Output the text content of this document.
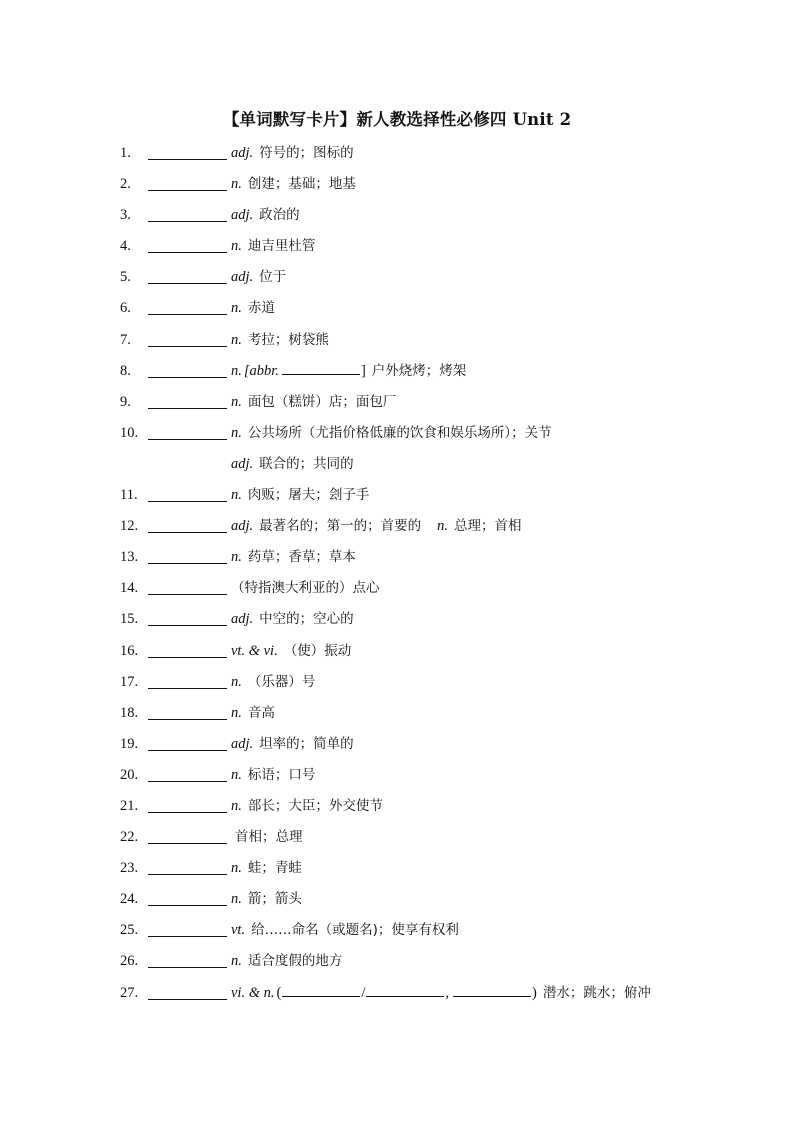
【单词默写卡片】新人教选择性必修四 Unit 2
1.	adj. 符号的；图标的
2.	n. 创建；基础；地基
3.	adj. 政治的
4.	n. 迪吉里杜管
5.	adj. 位于
6.	n. 赤道
7.	n. 考拉；树袋熊
8.	n. [abbr.	] 户外烧烤；烤架
9.	n. 面包（糕饼）店；面包厂
10.	n. 公共场所（尤指价格低廉的饮食和娱乐场所）；关节
adj. 联合的；共同的
11.	n. 肉贩；屠夫；刽子手
12.	adj. 最著名的；第一的；首要的 n. 总理；首相
13.	n. 药草；香草；草本
14.	（特指澳大利亚的）点心
15.	adj. 中空的；空心的
16.	vt. & vi. （使）振动
17.	n. （乐器）号
18.	n. 音高
19.	adj. 坦率的；简单的
20.	n. 标语；口号
21.	n. 部长；大臣；外交使节
22.	首相；总理
23.	n. 蛙；青蛙
24.	n. 箭；箭头
25.	vt. 给……命名（或题名)；使享有权利
26.	n. 适合度假的地方
27.	vi. & n. (	/	,	) 潜水；跳水；俯冲
